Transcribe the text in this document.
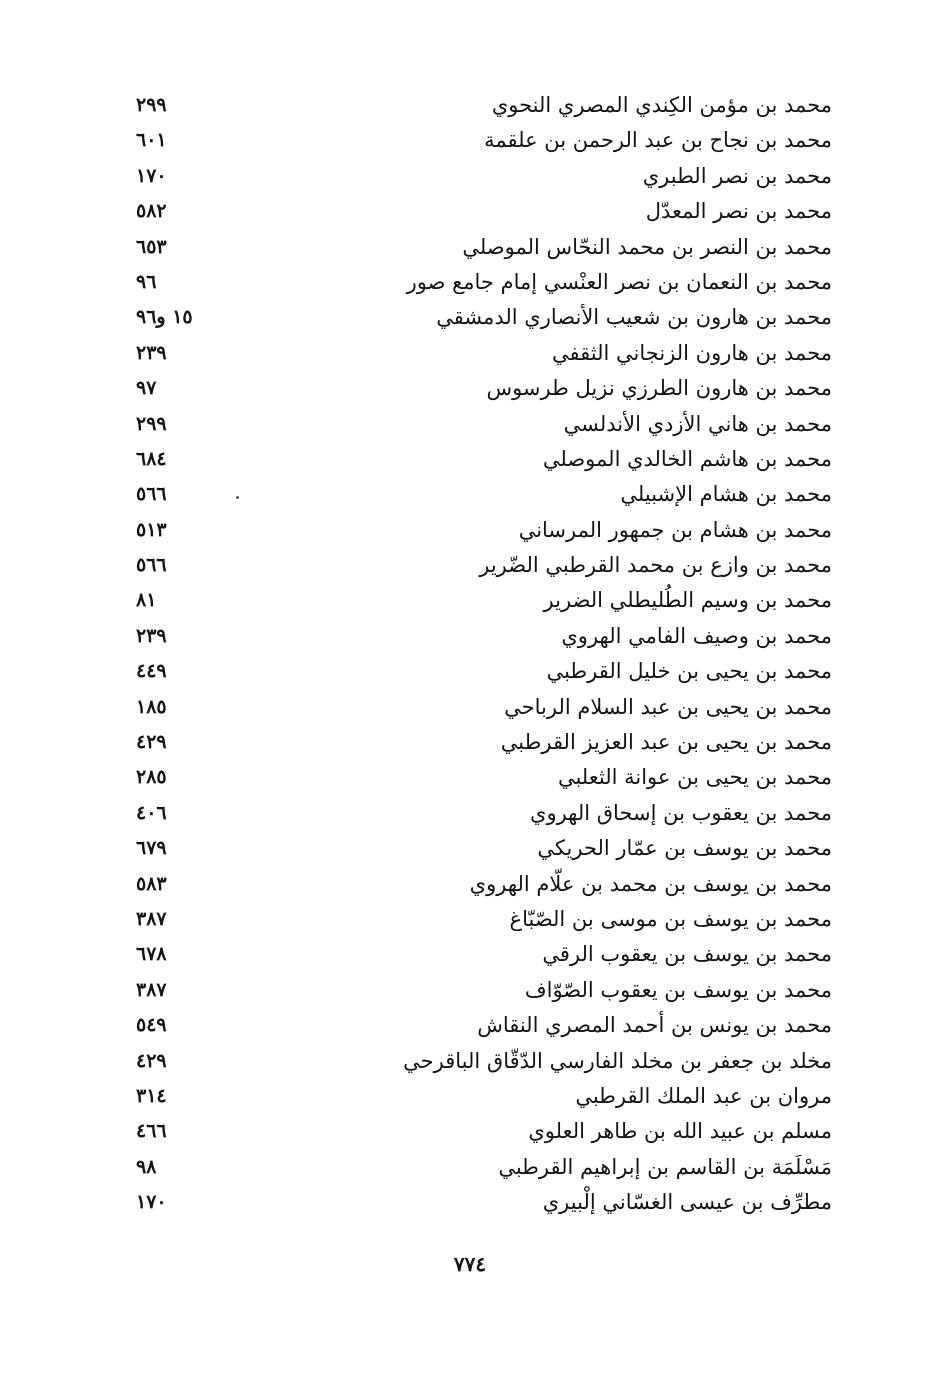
محمد بن مؤمن الكِندي المصري النحوي
٢٩٩
محمد بن نجاح بن عبد الرحمن بن علقمة
٦٠١
محمد بن نصر الطبري
١٧٠
محمد بن نصر المعدّل
٥٨٢
محمد بن النصر بن محمد النحّاس الموصلي
٦٥٣
محمد بن النعمان بن نصر العنْسي إمام جامع صور
٩٦
محمد بن هارون بن شعيب الأنصاري الدمشقي
١٥ و٩٦
محمد بن هارون الزنجاني الثقفي
٢٣٩
محمد بن هارون الطرزي نزيل طرسوس
٩٧
محمد بن هاني الأزدي الأندلسي
٢٩٩
محمد بن هاشم الخالدي الموصلي
٦٨٤
محمد بن هشام الإشبيلي
٥٦٦
محمد بن هشام بن جمهور المرساني
٥١٣
محمد بن وازع بن محمد القرطبي الضّرير
٥٦٦
محمد بن وسيم الطُليطلي الضرير
٨١
محمد بن وصيف الفامي الهروي
٢٣٩
محمد بن يحيى بن خليل القرطبي
٤٤٩
محمد بن يحيى بن عبد السلام الرباحي
١٨٥
محمد بن يحيى بن عبد العزيز القرطبي
٤٢٩
محمد بن يحيى بن عوانة الثعلبي
٢٨٥
محمد بن يعقوب بن إسحاق الهروي
٤٠٦
محمد بن يوسف بن عمّار الحريكي
٦٧٩
محمد بن يوسف بن محمد بن علّام الهروي
٥٨٣
محمد بن يوسف بن موسى بن الصّبّاغ
٣٨٧
محمد بن يوسف بن يعقوب الرقي
٦٧٨
محمد بن يوسف بن يعقوب الصّوّاف
٣٨٧
محمد بن يونس بن أحمد المصري النقاش
٥٤٩
مخلد بن جعفر بن مخلد الفارسي الدّقّاق الباقرحي
٤٢٩
مروان بن عبد الملك القرطبي
٣١٤
مسلم بن عبيد الله بن طاهر العلوي
٤٦٦
مَسْلَمَة بن القاسم بن إبراهيم القرطبي
٩٨
مطرِّف بن عيسى الغسّاني إلْبيري
١٧٠
٧٧٤
